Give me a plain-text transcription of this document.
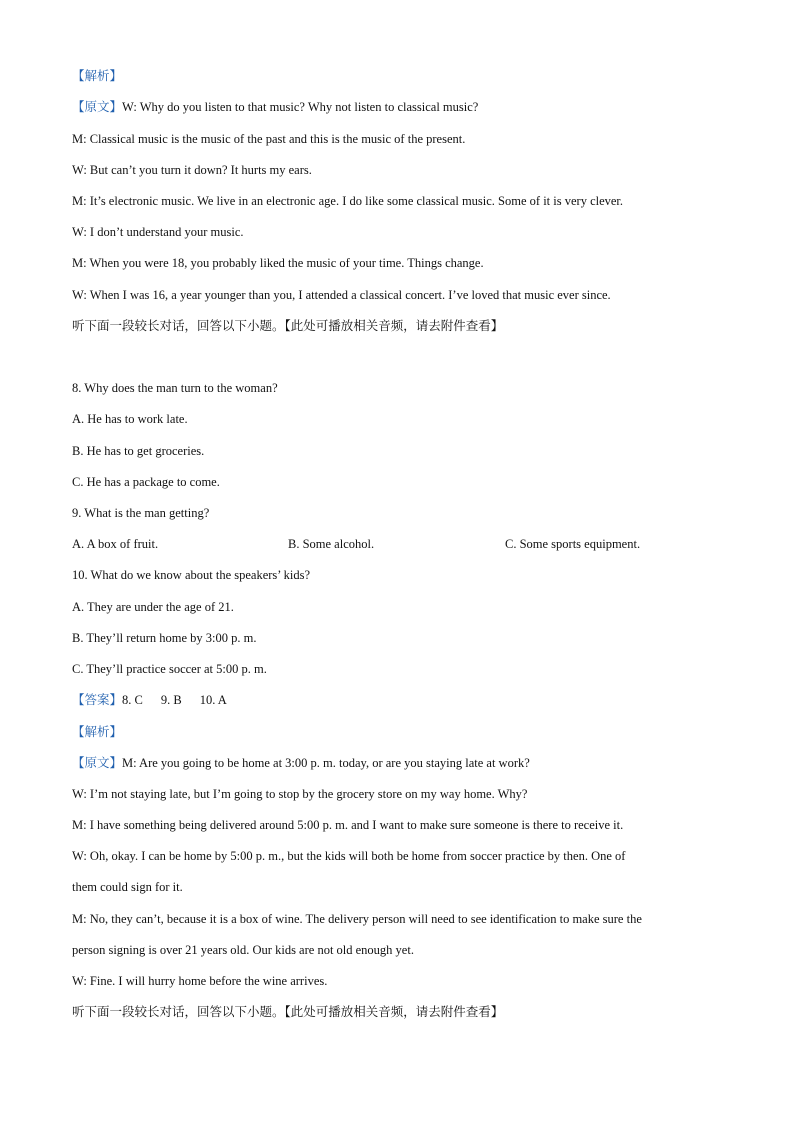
【解析】
【原文】W: Why do you listen to that music? Why not listen to classical music?
M: Classical music is the music of the past and this is the music of the present.
W: But can’t you turn it down? It hurts my ears.
M: It’s electronic music. We live in an electronic age. I do like some classical music. Some of it is very clever.
W: I don’t understand your music.
M: When you were 18, you probably liked the music of your time. Things change.
W: When I was 16, a year younger than you, I attended a classical concert. I’ve loved that music ever since.
听下面一段较长对话，回答以下小题。【此处可播放相关音频，请去附件查看】
8. Why does the man turn to the woman?
A. He has to work late.
B. He has to get groceries.
C. He has a package to come.
9. What is the man getting?
A. A box of fruit.	B. Some alcohol.	C. Some sports equipment.
10. What do we know about the speakers’ kids?
A. They are under the age of 21.
B. They’ll return home by 3:00 p. m.
C. They’ll practice soccer at 5:00 p. m.
【答案】8. C 9. B 10. A
【解析】
【原文】M: Are you going to be home at 3:00 p. m. today, or are you staying late at work?
W: I’m not staying late, but I’m going to stop by the grocery store on my way home. Why?
M: I have something being delivered around 5:00 p. m. and I want to make sure someone is there to receive it.
W: Oh, okay. I can be home by 5:00 p. m., but the kids will both be home from soccer practice by then. One of
them could sign for it.
M: No, they can’t, because it is a box of wine. The delivery person will need to see identification to make sure the
person signing is over 21 years old. Our kids are not old enough yet.
W: Fine. I will hurry home before the wine arrives.
听下面一段较长对话，回答以下小题。【此处可播放相关音频，请去附件查看】
